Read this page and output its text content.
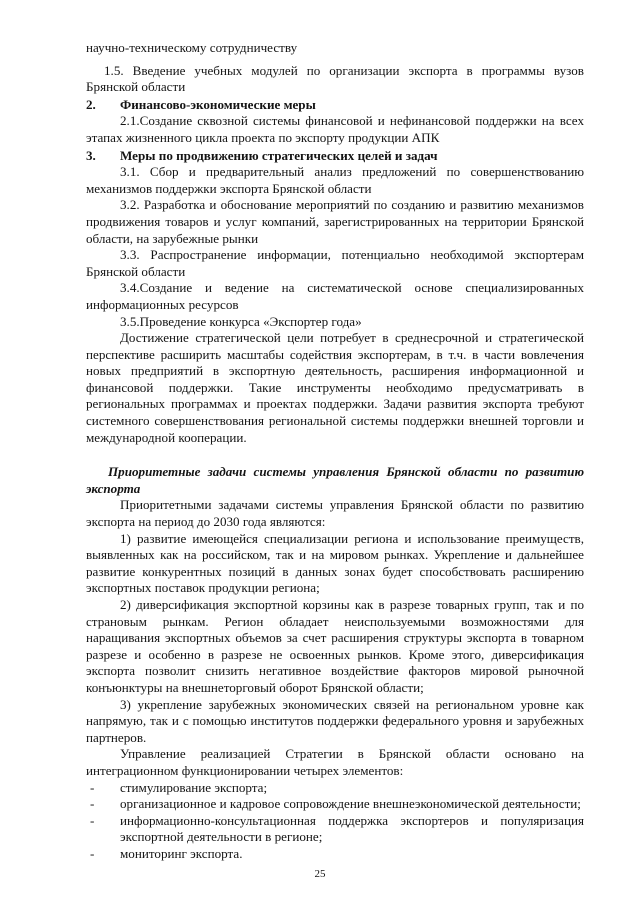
научно-техническому сотрудничеству

1.5. Введение учебных модулей по организации экспорта в программы вузов Брянской области

2.	Финансово-экономические меры

2.1.Создание сквозной системы финансовой и нефинансовой поддержки на всех этапах жизненного цикла проекта по экспорту продукции АПК

3.	Меры по продвижению стратегических целей и задач

3.1. Сбор и предварительный анализ предложений по совершенствованию механизмов поддержки экспорта Брянской области

3.2. Разработка и обоснование мероприятий по созданию и развитию механизмов продвижения товаров и услуг компаний, зарегистрированных на территории Брянской области, на зарубежные рынки

3.3. Распространение информации, потенциально необходимой экспортерам Брянской области

3.4.Создание и ведение на систематической основе специализированных информационных ресурсов

3.5.Проведение конкурса «Экспортер года»

Достижение стратегической цели потребует в среднесрочной и стратегической перспективе расширить масштабы содействия экспортерам, в т.ч. в части вовлечения новых предприятий в экспортную деятельность, расширения информационной и финансовой поддержки. Такие инструменты необходимо предусматривать в региональных программах и проектах поддержки. Задачи развития экспорта требуют системного совершенствования региональной системы поддержки внешней торговли и международной кооперации.

Приоритетные задачи системы управления Брянской области по развитию экспорта

Приоритетными задачами системы управления Брянской области по развитию экспорта на период до 2030 года являются:

1) развитие имеющейся специализации региона и использование преимуществ, выявленных как на российском, так и на мировом рынках. Укрепление и дальнейшее развитие конкурентных позиций в данных зонах будет способствовать расширению экспортных поставок продукции региона;

2) диверсификация экспортной корзины как в разрезе товарных групп, так и по страновым рынкам. Регион обладает неиспользуемыми возможностями для наращивания экспортных объемов за счет расширения структуры экспорта в товарном разрезе и особенно в разрезе не освоенных рынков. Кроме этого, диверсификация экспорта позволит снизить негативное воздействие факторов мировой рыночной конъюнктуры на внешнеторговый оборот Брянской области;

3) укрепление зарубежных экономических связей на региональном уровне как напрямую, так и с помощью институтов поддержки федерального уровня и зарубежных партнеров.

Управление реализацией Стратегии в Брянской области основано на интеграционном функционировании четырех элементов:

-	стимулирование экспорта;
-	организационное и кадровое сопровождение внешнеэкономической деятельности;
-	информационно-консультационная поддержка экспортеров и популяризация экспортной деятельности в регионе;
-	мониторинг экспорта.
25
